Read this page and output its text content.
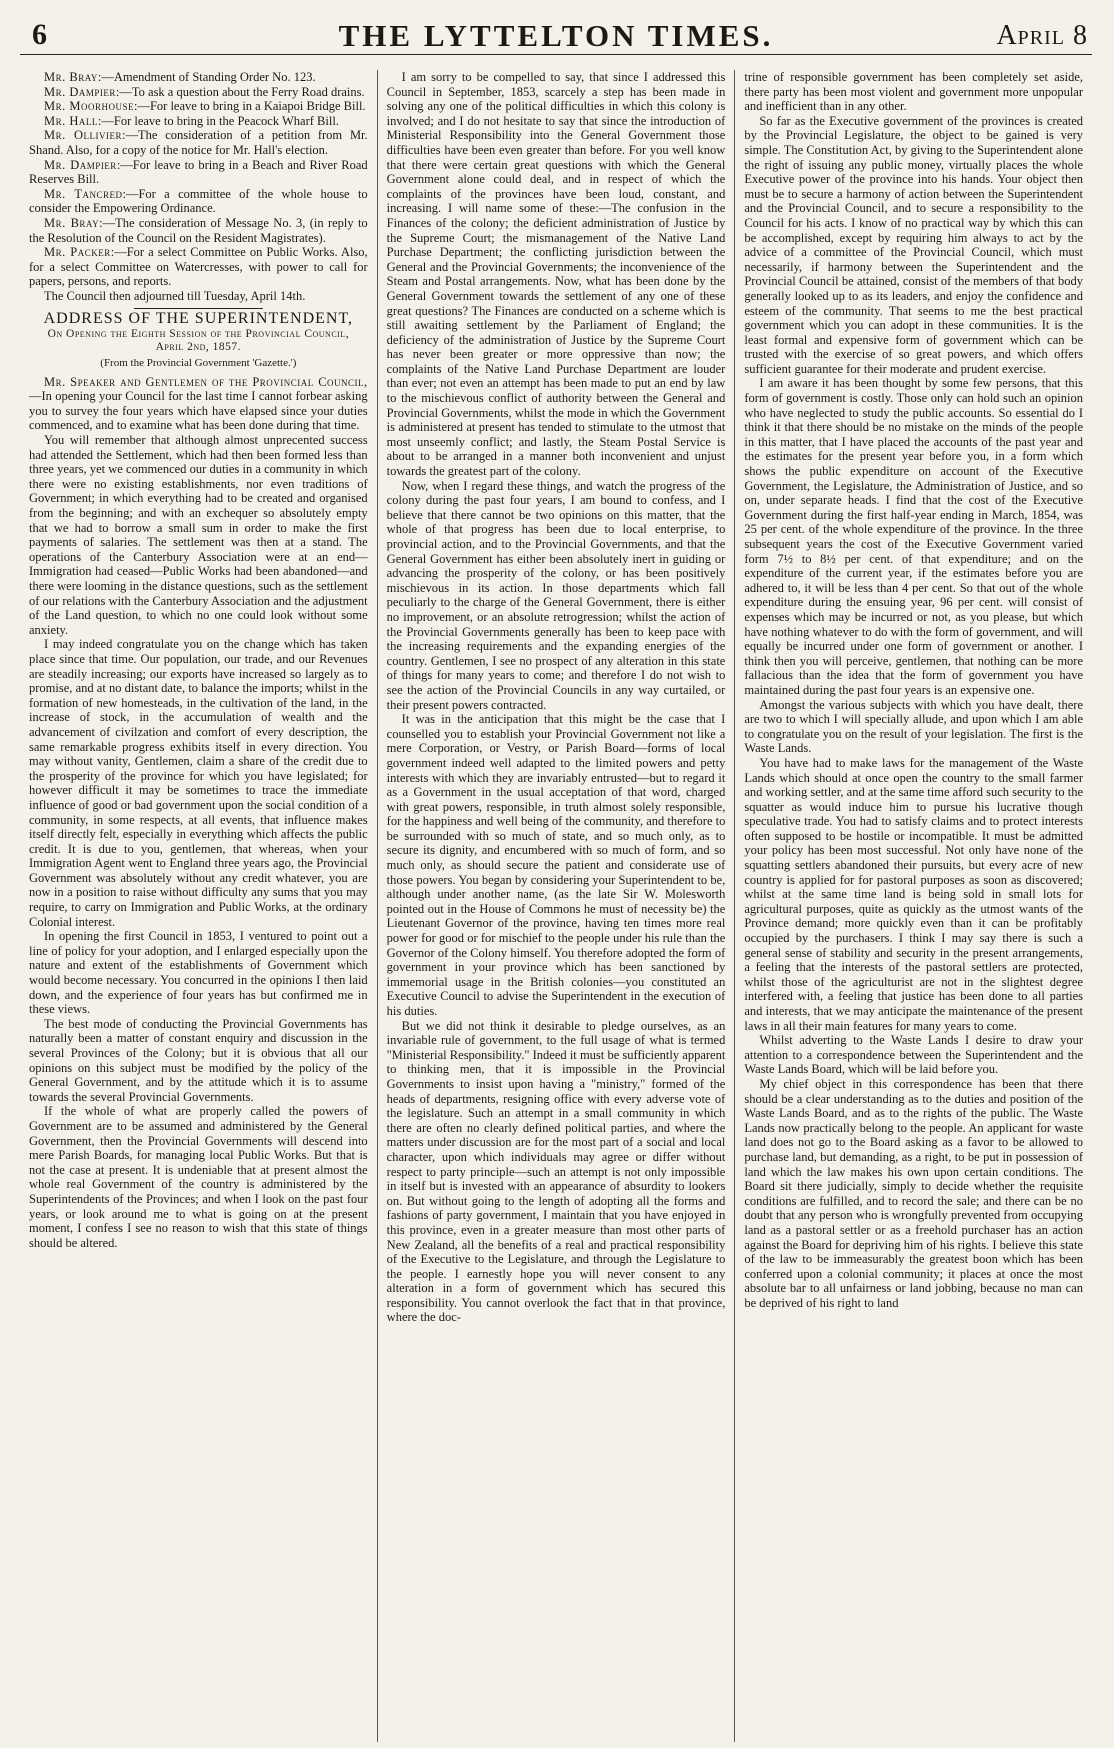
6	THE LYTTELTON TIMES.	April 8

Mr. Bray:—Amendment of Standing Order No. 123.

Mr. Dampier:—To ask a question about the Ferry Road drains.

Mr. Moorhouse:—For leave to bring in a Kaiapoi Bridge Bill.

Mr. Hall:—For leave to bring in the Peacock Wharf Bill.

Mr. Ollivier:—The consideration of a petition from Mr. Shand. Also, for a copy of the notice for Mr. Hall's election.

Mr. Dampier:—For leave to bring in a Beach and River Road Reserves Bill.

Mr. Tancred:—For a committee of the whole house to consider the Empowering Ordinance.

Mr. Bray:—The consideration of Message No. 3, (in reply to the Resolution of the Council on the Resident Magistrates).

Mr. Packer:—For a select Committee on Public Works. Also, for a select Committee on Watercresses, with power to call for papers, persons, and reports.

The Council then adjourned till Tuesday, April 14th.

ADDRESS OF THE SUPERINTENDENT,
On Opening the Eighth Session of the Provincial Council, April 2nd, 1857.
(From the Provincial Government 'Gazette.')

Mr. Speaker and Gentlemen of the Provincial Council,—In opening your Council for the last time I cannot forbear asking you to survey the four years which have elapsed since your duties commenced, and to examine what has been done during that time.

You will remember that although almost unprecented success had attended the Settlement, which had then been formed less than three years, yet we commenced our duties in a community in which there were no existing establishments, nor even traditions of Government; in which everything had to be created and organised from the beginning; and with an exchequer so absolutely empty that we had to borrow a small sum in order to make the first payments of salaries. The settlement was then at a stand. The operations of the Canterbury Association were at an end—Immigration had ceased—Public Works had been abandoned—and there were looming in the distance questions, such as the settlement of our relations with the Canterbury Association and the adjustment of the Land question, to which no one could look without some anxiety.

I may indeed congratulate you on the change which has taken place since that time. Our population, our trade, and our Revenues are steadily increasing; our exports have increased so largely as to promise, and at no distant date, to balance the imports; whilst in the formation of new homesteads, in the cultivation of the land, in the increase of stock, in the accumulation of wealth and the advancement of civilzation and comfort of every description, the same remarkable progress exhibits itself in every direction. You may without vanity, Gentlemen, claim a share of the credit due to the prosperity of the province for which you have legislated; for however difficult it may be sometimes to trace the immediate influence of good or bad government upon the social condition of a community, in some respects, at all events, that influence makes itself directly felt, especially in everything which affects the public credit. It is due to you, gentlemen, that whereas, when your Immigration Agent went to England three years ago, the Provincial Government was absolutely without any credit whatever, you are now in a position to raise without difficulty any sums that you may require, to carry on Immigration and Public Works, at the ordinary Colonial interest.

In opening the first Council in 1853, I ventured to point out a line of policy for your adoption, and I enlarged especially upon the nature and extent of the establishments of Government which would become necessary. You concurred in the opinions I then laid down, and the experience of four years has but confirmed me in these views.

The best mode of conducting the Provincial Governments has naturally been a matter of constant enquiry and discussion in the several Provinces of the Colony; but it is obvious that all our opinions on this subject must be modified by the policy of the General Government, and by the attitude which it is to assume towards the several Provincial Governments.

If the whole of what are properly called the powers of Government are to be assumed and administered by the General Government, then the Provincial Governments will descend into mere Parish Boards, for managing local Public Works. But that is not the case at present. It is undeniable that at present almost the whole real Government of the country is administered by the Superintendents of the Provinces; and when I look on the past four years, or look around me to what is going on at the present moment, I confess I see no reason to wish that this state of things should be altered.

I am sorry to be compelled to say, that since I addressed this Council in September, 1853, scarcely a step has been made in solving any one of the political difficulties in which this colony is involved; and I do not hesitate to say that since the introduction of Ministerial Responsibility into the General Government those difficulties have been even greater than before. For you well know that there were certain great questions with which the General Government alone could deal, and in respect of which the complaints of the provinces have been loud, constant, and increasing. I will name some of these:—The confusion in the Finances of the colony; the deficient administration of Justice by the Supreme Court; the mismanagement of the Native Land Purchase Department; the conflicting jurisdiction between the General and the Provincial Governments; the inconvenience of the Steam and Postal arrangements. Now, what has been done by the General Government towards the settlement of any one of these great questions? The Finances are conducted on a scheme which is still awaiting settlement by the Parliament of England; the deficiency of the administration of Justice by the Supreme Court has never been greater or more oppressive than now; the complaints of the Native Land Purchase Department are louder than ever; not even an attempt has been made to put an end by law to the mischievous conflict of authority between the General and Provincial Governments, whilst the mode in which the Government is administered at present has tended to stimulate to the utmost that most unseemly conflict; and lastly, the Steam Postal Service is about to be arranged in a manner both inconvenient and unjust towards the greatest part of the colony.

Now, when I regard these things, and watch the progress of the colony during the past four years, I am bound to confess, and I believe that there cannot be two opinions on this matter, that the whole of that progress has been due to local enterprise, to provincial action, and to the Provincial Governments, and that the General Government has either been absolutely inert in guiding or advancing the prosperity of the colony, or has been positively mischievous in its action. In those departments which fall peculiarly to the charge of the General Government, there is either no improvement, or an absolute retrogression; whilst the action of the Provincial Governments generally has been to keep pace with the increasing requirements and the expanding energies of the country. Gentlemen, I see no prospect of any alteration in this state of things for many years to come; and therefore I do not wish to see the action of the Provincial Councils in any way curtailed, or their present powers contracted.

It was in the anticipation that this might be the case that I counselled you to establish your Provincial Government not like a mere Corporation, or Vestry, or Parish Board—forms of local government indeed well adapted to the limited powers and petty interests with which they are invariably entrusted—but to regard it as a Government in the usual acceptation of that word, charged with great powers, responsible, in truth almost solely responsible, for the happiness and well being of the community, and therefore to be surrounded with so much of state, and so much only, as to secure its dignity, and encumbered with so much of form, and so much only, as should secure the patient and considerate use of those powers. You began by considering your Superintendent to be, although under another name, (as the late Sir W. Molesworth pointed out in the House of Commons he must of necessity be) the Lieutenant Governor of the province, having ten times more real power for good or for mischief to the people under his rule than the Governor of the Colony himself. You therefore adopted the form of government in your province which has been sanctioned by immemorial usage in the British colonies—you constituted an Executive Council to advise the Superintendent in the execution of his duties.

But we did not think it desirable to pledge ourselves, as an invariable rule of government, to the full usage of what is termed "Ministerial Responsibility." Indeed it must be sufficiently apparent to thinking men, that it is impossible in the Provincial Governments to insist upon having a "ministry," formed of the heads of departments, resigning office with every adverse vote of the legislature. Such an attempt in a small community in which there are often no clearly defined political parties, and where the matters under discussion are for the most part of a social and local character, upon which individuals may agree or differ without respect to party principle—such an attempt is not only impossible in itself but is invested with an appearance of absurdity to lookers on. But without going to the length of adopting all the forms and fashions of party government, I maintain that you have enjoyed in this province, even in a greater measure than most other parts of New Zealand, all the benefits of a real and practical responsibility of the Executive to the Legislature, and through the Legislature to the people. I earnestly hope you will never consent to any alteration in a form of government which has secured this responsibility. You cannot overlook the fact that in that province, where the doc-

trine of responsible government has been completely set aside, there party has been most violent and government more unpopular and inefficient than in any other.

So far as the Executive government of the provinces is created by the Provincial Legislature, the object to be gained is very simple. The Constitution Act, by giving to the Superintendent alone the right of issuing any public money, virtually places the whole Executive power of the province into his hands. Your object then must be to secure a harmony of action between the Superintendent and the Provincial Council, and to secure a responsibility to the Council for his acts. I know of no practical way by which this can be accomplished, except by requiring him always to act by the advice of a committee of the Provincial Council, which must necessarily, if harmony between the Superintendent and the Provincial Council be attained, consist of the members of that body generally looked up to as its leaders, and enjoy the confidence and esteem of the community. That seems to me the best practical government which you can adopt in these communities. It is the least formal and expensive form of government which can be trusted with the exercise of so great powers, and which offers sufficient guarantee for their moderate and prudent exercise.

I am aware it has been thought by some few persons, that this form of government is costly. Those only can hold such an opinion who have neglected to study the public accounts. So essential do I think it that there should be no mistake on the minds of the people in this matter, that I have placed the accounts of the past year and the estimates for the present year before you, in a form which shows the public expenditure on account of the Executive Government, the Legislature, the Administration of Justice, and so on, under separate heads. I find that the cost of the Executive Government during the first half-year ending in March, 1854, was 25 per cent. of the whole expenditure of the province. In the three subsequent years the cost of the Executive Government varied form 7½ to 8½ per cent. of that expenditure; and on the expenditure of the current year, if the estimates before you are adhered to, it will be less than 4 per cent. So that out of the whole expenditure during the ensuing year, 96 per cent. will consist of expenses which may be incurred or not, as you please, but which have nothing whatever to do with the form of government, and will equally be incurred under one form of government or another. I think then you will perceive, gentlemen, that nothing can be more fallacious than the idea that the form of government you have maintained during the past four years is an expensive one.

Amongst the various subjects with which you have dealt, there are two to which I will specially allude, and upon which I am able to congratulate you on the result of your legislation. The first is the Waste Lands.

You have had to make laws for the management of the Waste Lands which should at once open the country to the small farmer and working settler, and at the same time afford such security to the squatter as would induce him to pursue his lucrative though speculative trade. You had to satisfy claims and to protect interests often supposed to be hostile or incompatible. It must be admitted your policy has been most successful. Not only have none of the squatting settlers abandoned their pursuits, but every acre of new country is applied for for pastoral purposes as soon as discovered; whilst at the same time land is being sold in small lots for agricultural purposes, quite as quickly as the utmost wants of the Province demand; more quickly even than it can be profitably occupied by the purchasers. I think I may say there is such a general sense of stability and security in the present arrangements, a feeling that the interests of the pastoral settlers are protected, whilst those of the agriculturist are not in the slightest degree interfered with, a feeling that justice has been done to all parties and interests, that we may anticipate the maintenance of the present laws in all their main features for many years to come.

Whilst adverting to the Waste Lands I desire to draw your attention to a correspondence between the Superintendent and the Waste Lands Board, which will be laid before you.

My chief object in this correspondence has been that there should be a clear understanding as to the duties and position of the Waste Lands Board, and as to the rights of the public. The Waste Lands now practically belong to the people. An applicant for waste land does not go to the Board asking as a favor to be allowed to purchase land, but demanding, as a right, to be put in possession of land which the law makes his own upon certain conditions. The Board sit there judicially, simply to decide whether the requisite conditions are fulfilled, and to record the sale; and there can be no doubt that any person who is wrongfully prevented from occupying land as a pastoral settler or as a freehold purchaser has an action against the Board for depriving him of his rights. I believe this state of the law to be immeasurably the greatest boon which has been conferred upon a colonial community; it places at once the most absolute bar to all unfairness or land jobbing, because no man can be deprived of his right to land
